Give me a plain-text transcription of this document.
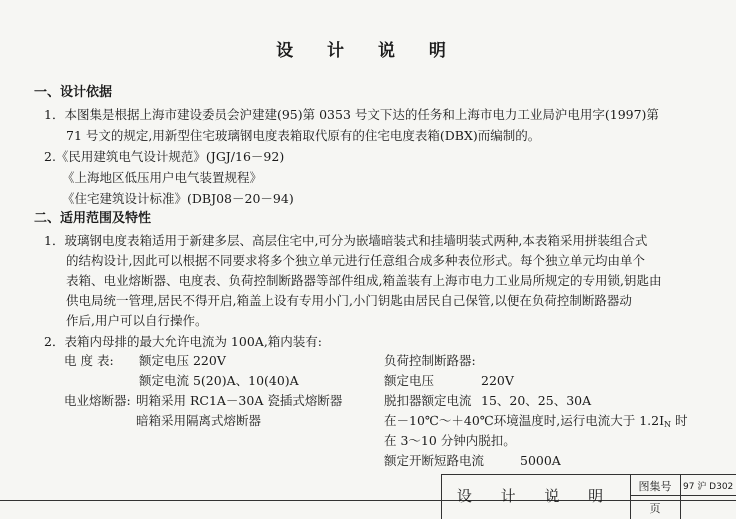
设 计 说 明
一、设计依据
1．本图集是根据上海市建设委员会沪建建(95)第 0353 号文下达的任务和上海市电力工业局沪电用字(1997)第
71 号文的规定,用新型住宅玻璃钢电度表箱取代原有的住宅电度表箱(DBX)而编制的。
2.《民用建筑电气设计规范》(JGJ/16－92)
《上海地区低压用户电气装置规程》
《住宅建筑设计标准》(DBJ08－20－94)
二、适用范围及特性
1．玻璃钢电度表箱适用于新建多层、高层住宅中,可分为嵌墙暗装式和挂墙明装式两种,本表箱采用拼装组合式
的结构设计,因此可以根据不同要求将多个独立单元进行任意组合成多种表位形式。每个独立单元均由单个
表箱、电业熔断器、电度表、负荷控制断路器等部件组成,箱盖装有上海市电力工业局所规定的专用锁,钥匙由
供电局统一管理,居民不得开启,箱盖上设有专用小门,小门钥匙由居民自己保管,以便在负荷控制断路器动
作后,用户可以自行操作。
2．表箱内母排的最大允许电流为 100A,箱内装有:
电 度 表: 额定电压 220V
额定电流 5(20)A、10(40)A
电业熔断器: 明箱采用 RC1A－30A 瓷插式熔断器
暗箱采用隔离式熔断器
负荷控制断路器:
额定电压	220V
脱扣器额定电流 15、20、25、30A
在－10℃～＋40℃环境温度时,运行电流大于 $1.2I_N$ 时
在 3～10 分钟内脱扣。
额定开断短路电流	5000A
设 计 说 明
图集号
页
97 沪 D302
